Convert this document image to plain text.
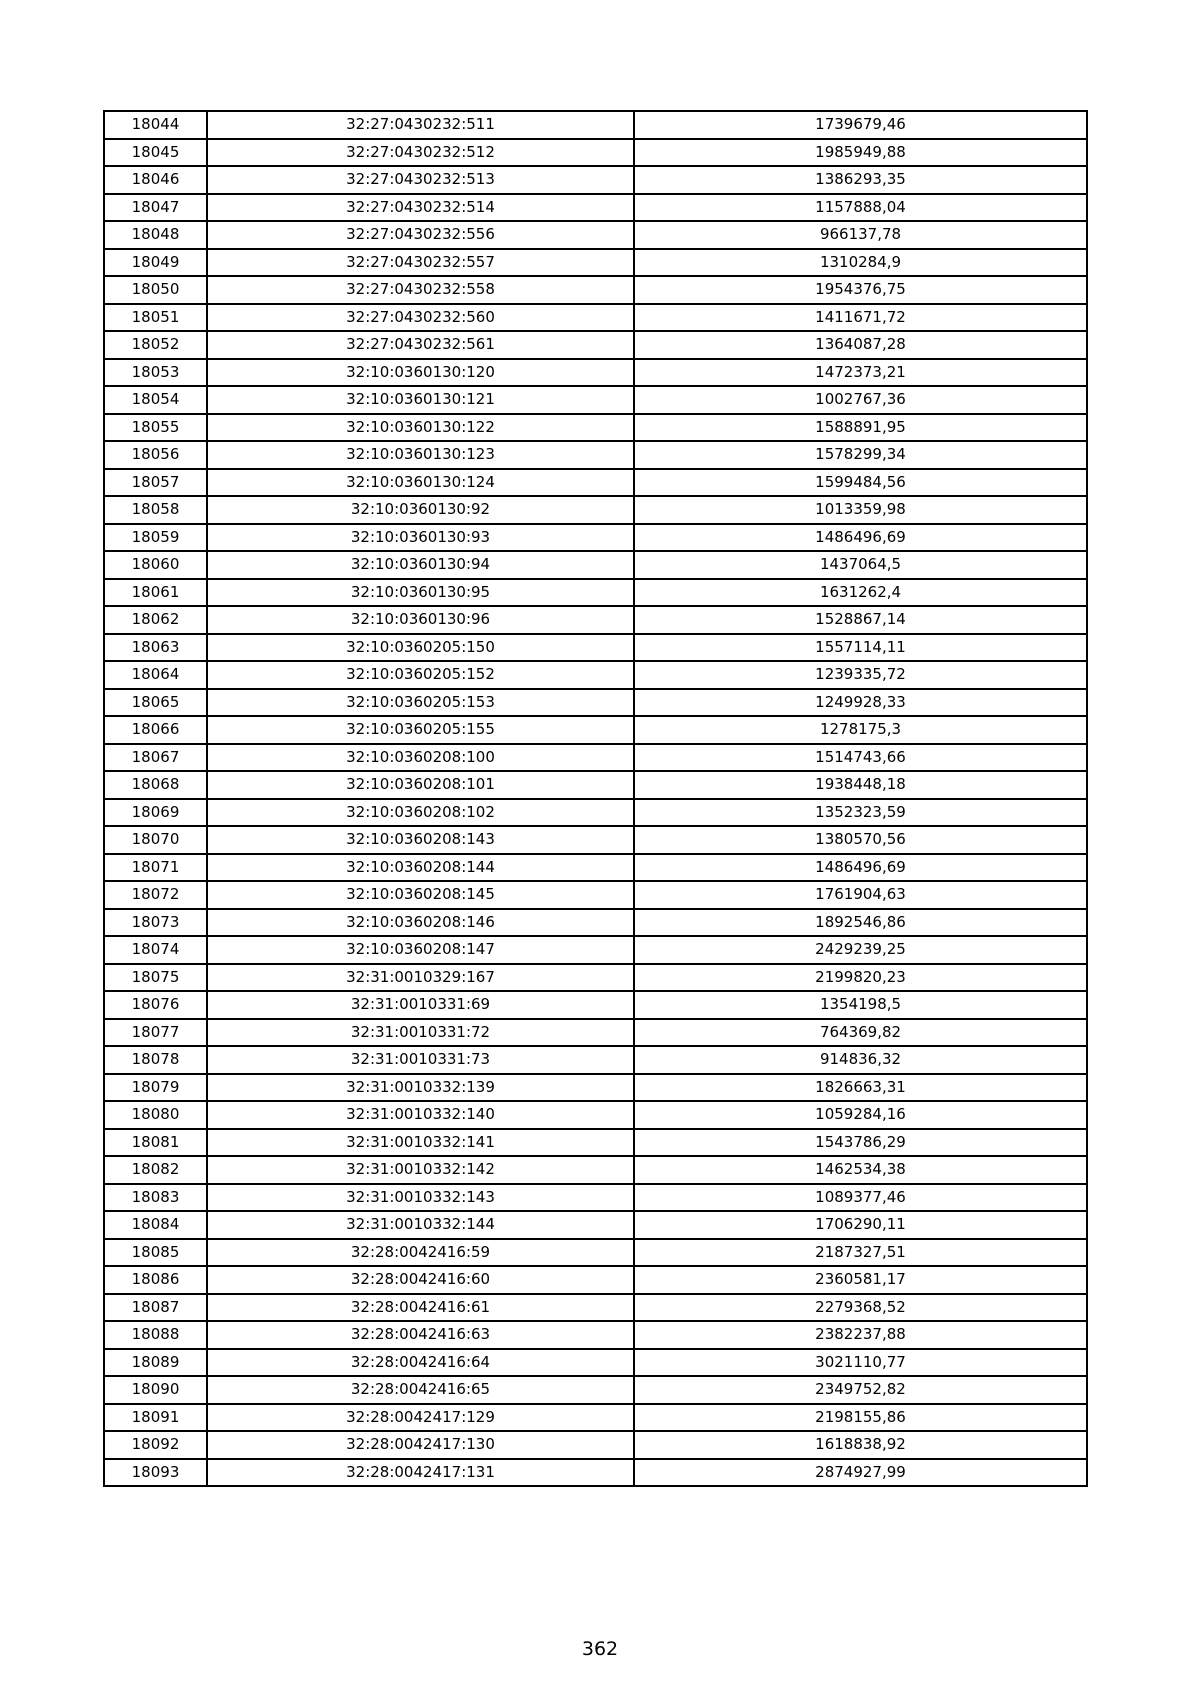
18044	32:27:0430232:511	1739679,46
18045	32:27:0430232:512	1985949,88
18046	32:27:0430232:513	1386293,35
18047	32:27:0430232:514	1157888,04
18048	32:27:0430232:556	966137,78
18049	32:27:0430232:557	1310284,9
18050	32:27:0430232:558	1954376,75
18051	32:27:0430232:560	1411671,72
18052	32:27:0430232:561	1364087,28
18053	32:10:0360130:120	1472373,21
18054	32:10:0360130:121	1002767,36
18055	32:10:0360130:122	1588891,95
18056	32:10:0360130:123	1578299,34
18057	32:10:0360130:124	1599484,56
18058	32:10:0360130:92	1013359,98
18059	32:10:0360130:93	1486496,69
18060	32:10:0360130:94	1437064,5
18061	32:10:0360130:95	1631262,4
18062	32:10:0360130:96	1528867,14
18063	32:10:0360205:150	1557114,11
18064	32:10:0360205:152	1239335,72
18065	32:10:0360205:153	1249928,33
18066	32:10:0360205:155	1278175,3
18067	32:10:0360208:100	1514743,66
18068	32:10:0360208:101	1938448,18
18069	32:10:0360208:102	1352323,59
18070	32:10:0360208:143	1380570,56
18071	32:10:0360208:144	1486496,69
18072	32:10:0360208:145	1761904,63
18073	32:10:0360208:146	1892546,86
18074	32:10:0360208:147	2429239,25
18075	32:31:0010329:167	2199820,23
18076	32:31:0010331:69	1354198,5
18077	32:31:0010331:72	764369,82
18078	32:31:0010331:73	914836,32
18079	32:31:0010332:139	1826663,31
18080	32:31:0010332:140	1059284,16
18081	32:31:0010332:141	1543786,29
18082	32:31:0010332:142	1462534,38
18083	32:31:0010332:143	1089377,46
18084	32:31:0010332:144	1706290,11
18085	32:28:0042416:59	2187327,51
18086	32:28:0042416:60	2360581,17
18087	32:28:0042416:61	2279368,52
18088	32:28:0042416:63	2382237,88
18089	32:28:0042416:64	3021110,77
18090	32:28:0042416:65	2349752,82
18091	32:28:0042417:129	2198155,86
18092	32:28:0042417:130	1618838,92
18093	32:28:0042417:131	2874927,99
362
